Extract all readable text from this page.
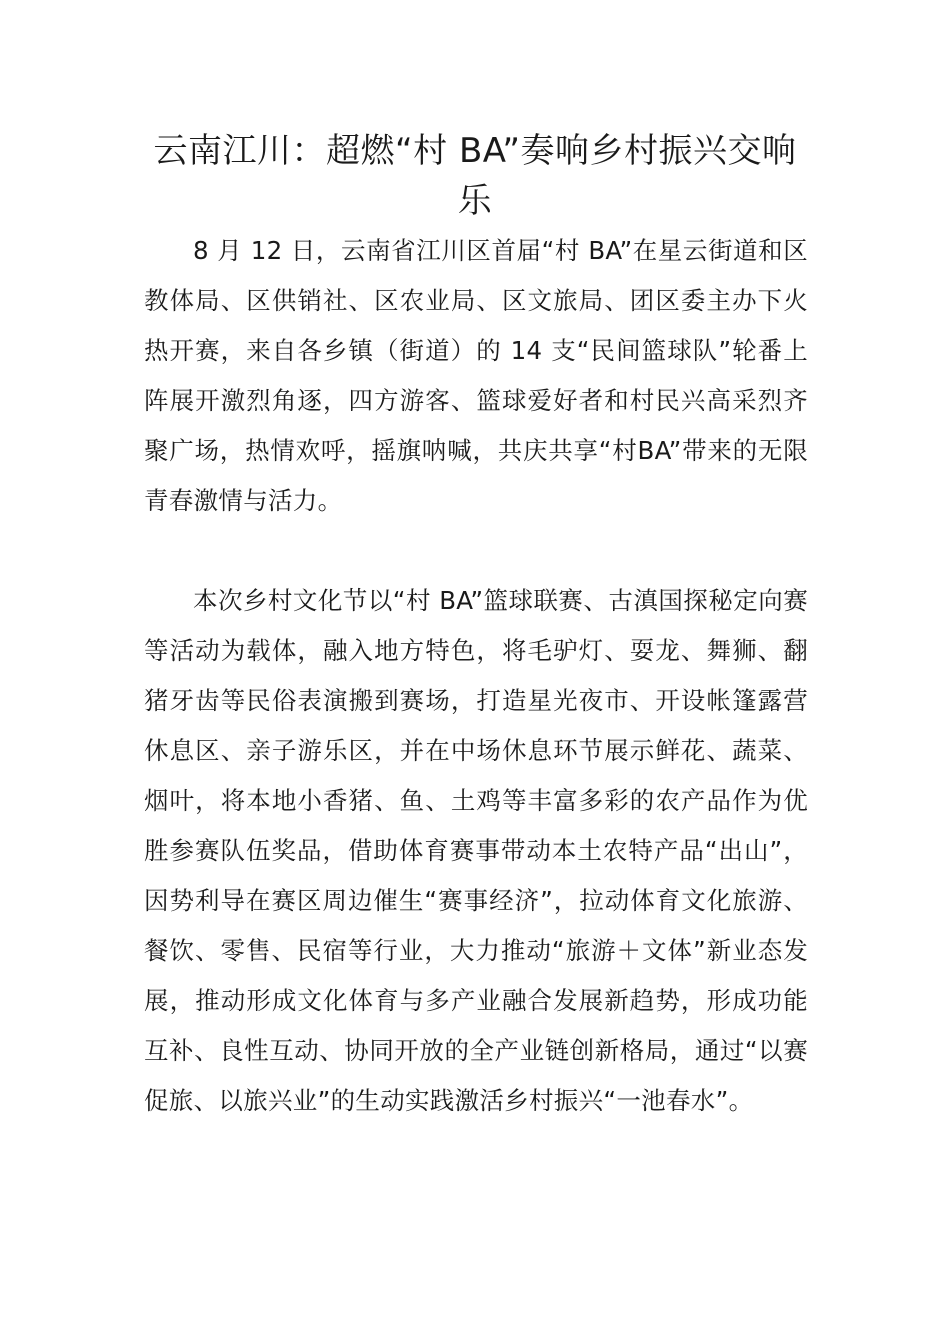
云南江川：超燃“村 BA”奏响乡村振兴交响乐

8 月 12 日，云南省江川区首届“村 BA”在星云街道和区教体局、区供销社、区农业局、区文旅局、团区委主办下火热开赛，来自各乡镇（街道）的 14 支“民间篮球队”轮番上阵展开激烈角逐，四方游客、篮球爱好者和村民兴高采烈齐聚广场，热情欢呼，摇旗呐喊，共庆共享“村BA”带来的无限青春激情与活力。

本次乡村文化节以“村 BA”篮球联赛、古滇国探秘定向赛等活动为载体，融入地方特色，将毛驴灯、耍龙、舞狮、翻猪牙齿等民俗表演搬到赛场，打造星光夜市、开设帐篷露营休息区、亲子游乐区，并在中场休息环节展示鲜花、蔬菜、烟叶，将本地小香猪、鱼、土鸡等丰富多彩的农产品作为优胜参赛队伍奖品，借助体育赛事带动本土农特产品“出山”，因势利导在赛区周边催生“赛事经济”，拉动体育文化旅游、餐饮、零售、民宿等行业，大力推动“旅游＋文体”新业态发展，推动形成文化体育与多产业融合发展新趋势，形成功能互补、良性互动、协同开放的全产业链创新格局，通过“以赛促旅、以旅兴业”的生动实践激活乡村振兴“一池春水”。
